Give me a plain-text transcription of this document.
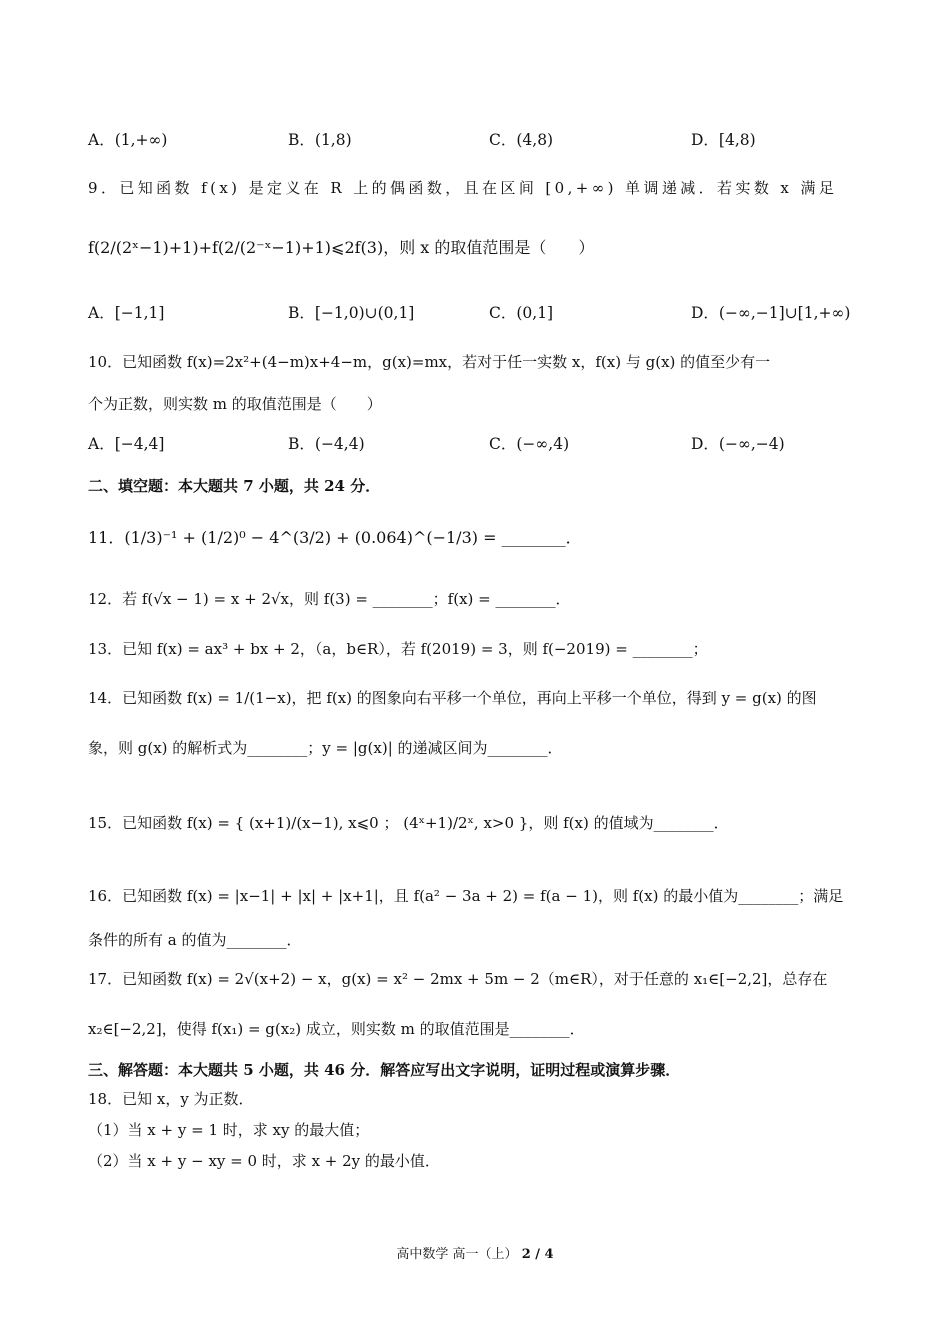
A．(1,+∞)	B．(1,8)	C．(4,8)	D．[4,8)
9．已知函数 f(x) 是定义在 R 上的偶函数，且在区间 [0,+∞) 单调递减．若实数 x 满足
f(2/(2ˣ−1)+1)+f(2/(2⁻ˣ−1)+1)⩽2f(3)，则 x 的取值范围是（　　）
A．[−1,1]	B．[−1,0)∪(0,1]	C．(0,1]	D．(−∞,−1]∪[1,+∞)
10．已知函数 f(x)=2x²+(4−m)x+4−m，g(x)=mx，若对于任一实数 x，f(x) 与 g(x) 的值至少有一
个为正数，则实数 m 的取值范围是（　　）
A．[−4,4]	B．(−4,4)	C．(−∞,4)	D．(−∞,−4)
二、填空题：本大题共 7 小题，共 24 分．
11．(1/3)⁻¹ + (1/2)⁰ − 4^(3/2) + (0.064)^(−1/3) = ________．
12．若 f(√x − 1) = x + 2√x，则 f(3) = ________；f(x) = ________．
13．已知 f(x) = ax³ + bx + 2，（a，b∈R），若 f(2019) = 3，则 f(−2019) = ________；
14．已知函数 f(x) = 1/(1−x)，把 f(x) 的图象向右平移一个单位，再向上平移一个单位，得到 y = g(x) 的图
象，则 g(x) 的解析式为________；y = |g(x)| 的递减区间为________．
15．已知函数 f(x) = { (x+1)/(x−1), x⩽0 ； (4ˣ+1)/2ˣ, x>0 }，则 f(x) 的值域为________．
16．已知函数 f(x) = |x−1| + |x| + |x+1|，且 f(a² − 3a + 2) = f(a − 1)，则 f(x) 的最小值为________；满足
条件的所有 a 的值为________．
17．已知函数 f(x) = 2√(x+2) − x，g(x) = x² − 2mx + 5m − 2（m∈R），对于任意的 x₁∈[−2,2]，总存在
x₂∈[−2,2]，使得 f(x₁) = g(x₂) 成立，则实数 m 的取值范围是________．
三、解答题：本大题共 5 小题，共 46 分．解答应写出文字说明，证明过程或演算步骤．
18．已知 x，y 为正数．
（1）当 x + y = 1 时，求 xy 的最大值；
（2）当 x + y − xy = 0 时，求 x + 2y 的最小值．
高中数学 高一（上） 2 / 4
